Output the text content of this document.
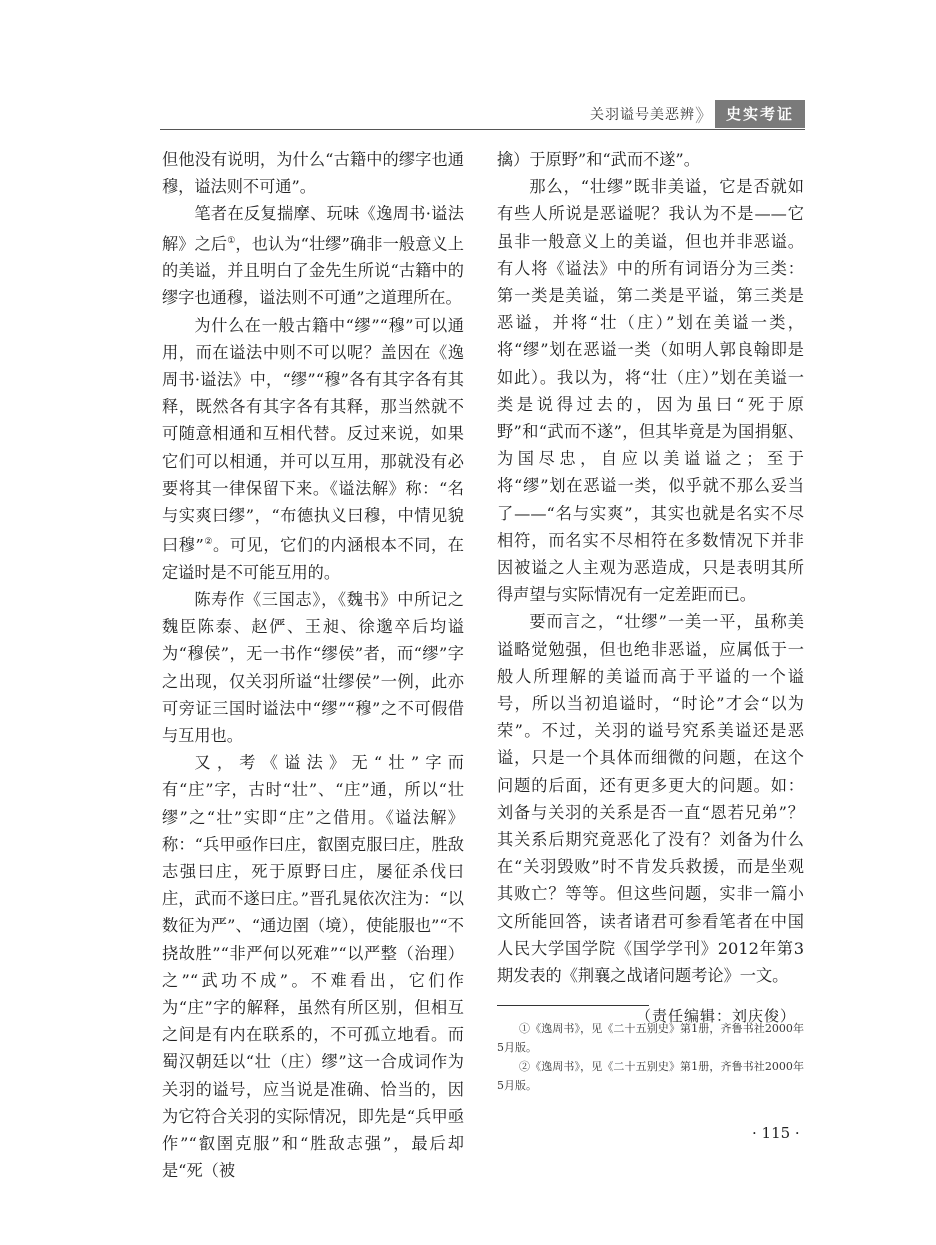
关羽谥号美恶辨 》 史实考证

但他没有说明，为什么“古籍中的缪字也通穆，谥法则不可通”。

笔者在反复揣摩、玩味《逸周书·谥法解》之后①，也认为“壮缪”确非一般意义上的美谥，并且明白了金先生所说“古籍中的缪字也通穆，谥法则不可通”之道理所在。

为什么在一般古籍中“缪”“穆”可以通用，而在谥法中则不可以呢？盖因在《逸周书·谥法》中，“缪”“穆”各有其字各有其释，既然各有其字各有其释，那当然就不可随意相通和互相代替。反过来说，如果它们可以相通，并可以互用，那就没有必要将其一律保留下来。《谥法解》称：“名与实爽曰缪”，“布德执义曰穆，中情见貌曰穆”②。可见，它们的内涵根本不同，在定谥时是不可能互用的。

陈寿作《三国志》，《魏书》中所记之魏臣陈泰、赵俨、王昶、徐邈卒后均谥为“穆侯”，无一书作“缪侯”者，而“缪”字之出现，仅关羽所谥“壮缪侯”一例，此亦可旁证三国时谥法中“缪”“穆”之不可假借与互用也。

又，考《谥法》无“壮”字而有“庄”字，古时“壮”、“庄”通，所以“壮缪”之“壮”实即“庄”之借用。《谥法解》称：“兵甲亟作曰庄，叡圉克服曰庄，胜敌志强曰庄，死于原野曰庄，屡征杀伐曰庄，武而不遂曰庄。”晋孔晁依次注为：“以数征为严”、“通边圉（境），使能服也”“不挠故胜”“非严何以死难”“以严整（治理）之”“武功不成”。不难看出，它们作为“庄”字的解释，虽然有所区别，但相互之间是有内在联系的，不可孤立地看。而蜀汉朝廷以“壮（庄）缪”这一合成词作为关羽的谥号，应当说是准确、恰当的，因为它符合关羽的实际情况，即先是“兵甲亟作”“叡圉克服”和“胜敌志强”，最后却是“死（被

擒）于原野”和“武而不遂”。

那么，“壮缪”既非美谥，它是否就如有些人所说是恶谥呢？我认为不是——它虽非一般意义上的美谥，但也并非恶谥。有人将《谥法》中的所有词语分为三类：第一类是美谥，第二类是平谥，第三类是恶谥，并将“壮（庄）”划在美谥一类，将“缪”划在恶谥一类（如明人郭良翰即是如此）。我以为，将“壮（庄）”划在美谥一类是说得过去的，因为虽曰“死于原野”和“武而不遂”，但其毕竟是为国捐躯、为国尽忠，自应以美谥谥之；至于将“缪”划在恶谥一类，似乎就不那么妥当了——“名与实爽”，其实也就是名实不尽相符，而名实不尽相符在多数情况下并非因被谥之人主观为恶造成，只是表明其所得声望与实际情况有一定差距而已。

要而言之，“壮缪”一美一平，虽称美谥略觉勉强，但也绝非恶谥，应属低于一般人所理解的美谥而高于平谥的一个谥号，所以当初追谥时，“时论”才会“以为荣”。不过，关羽的谥号究系美谥还是恶谥，只是一个具体而细微的问题，在这个问题的后面，还有更多更大的问题。如：刘备与关羽的关系是否一直“恩若兄弟”？其关系后期究竟恶化了没有？刘备为什么在“关羽毁败”时不肯发兵救援，而是坐观其败亡？等等。但这些问题，实非一篇小文所能回答，读者诸君可参看笔者在中国人民大学国学院《国学学刊》2012年第3期发表的《荆襄之战诸问题考论》一文。

（责任编辑：刘庆俊）

①《逸周书》，见《二十五别史》第1册，齐鲁书社2000年5月版。

②《逸周书》，见《二十五别史》第1册，齐鲁书社2000年5月版。

· 115 ·
